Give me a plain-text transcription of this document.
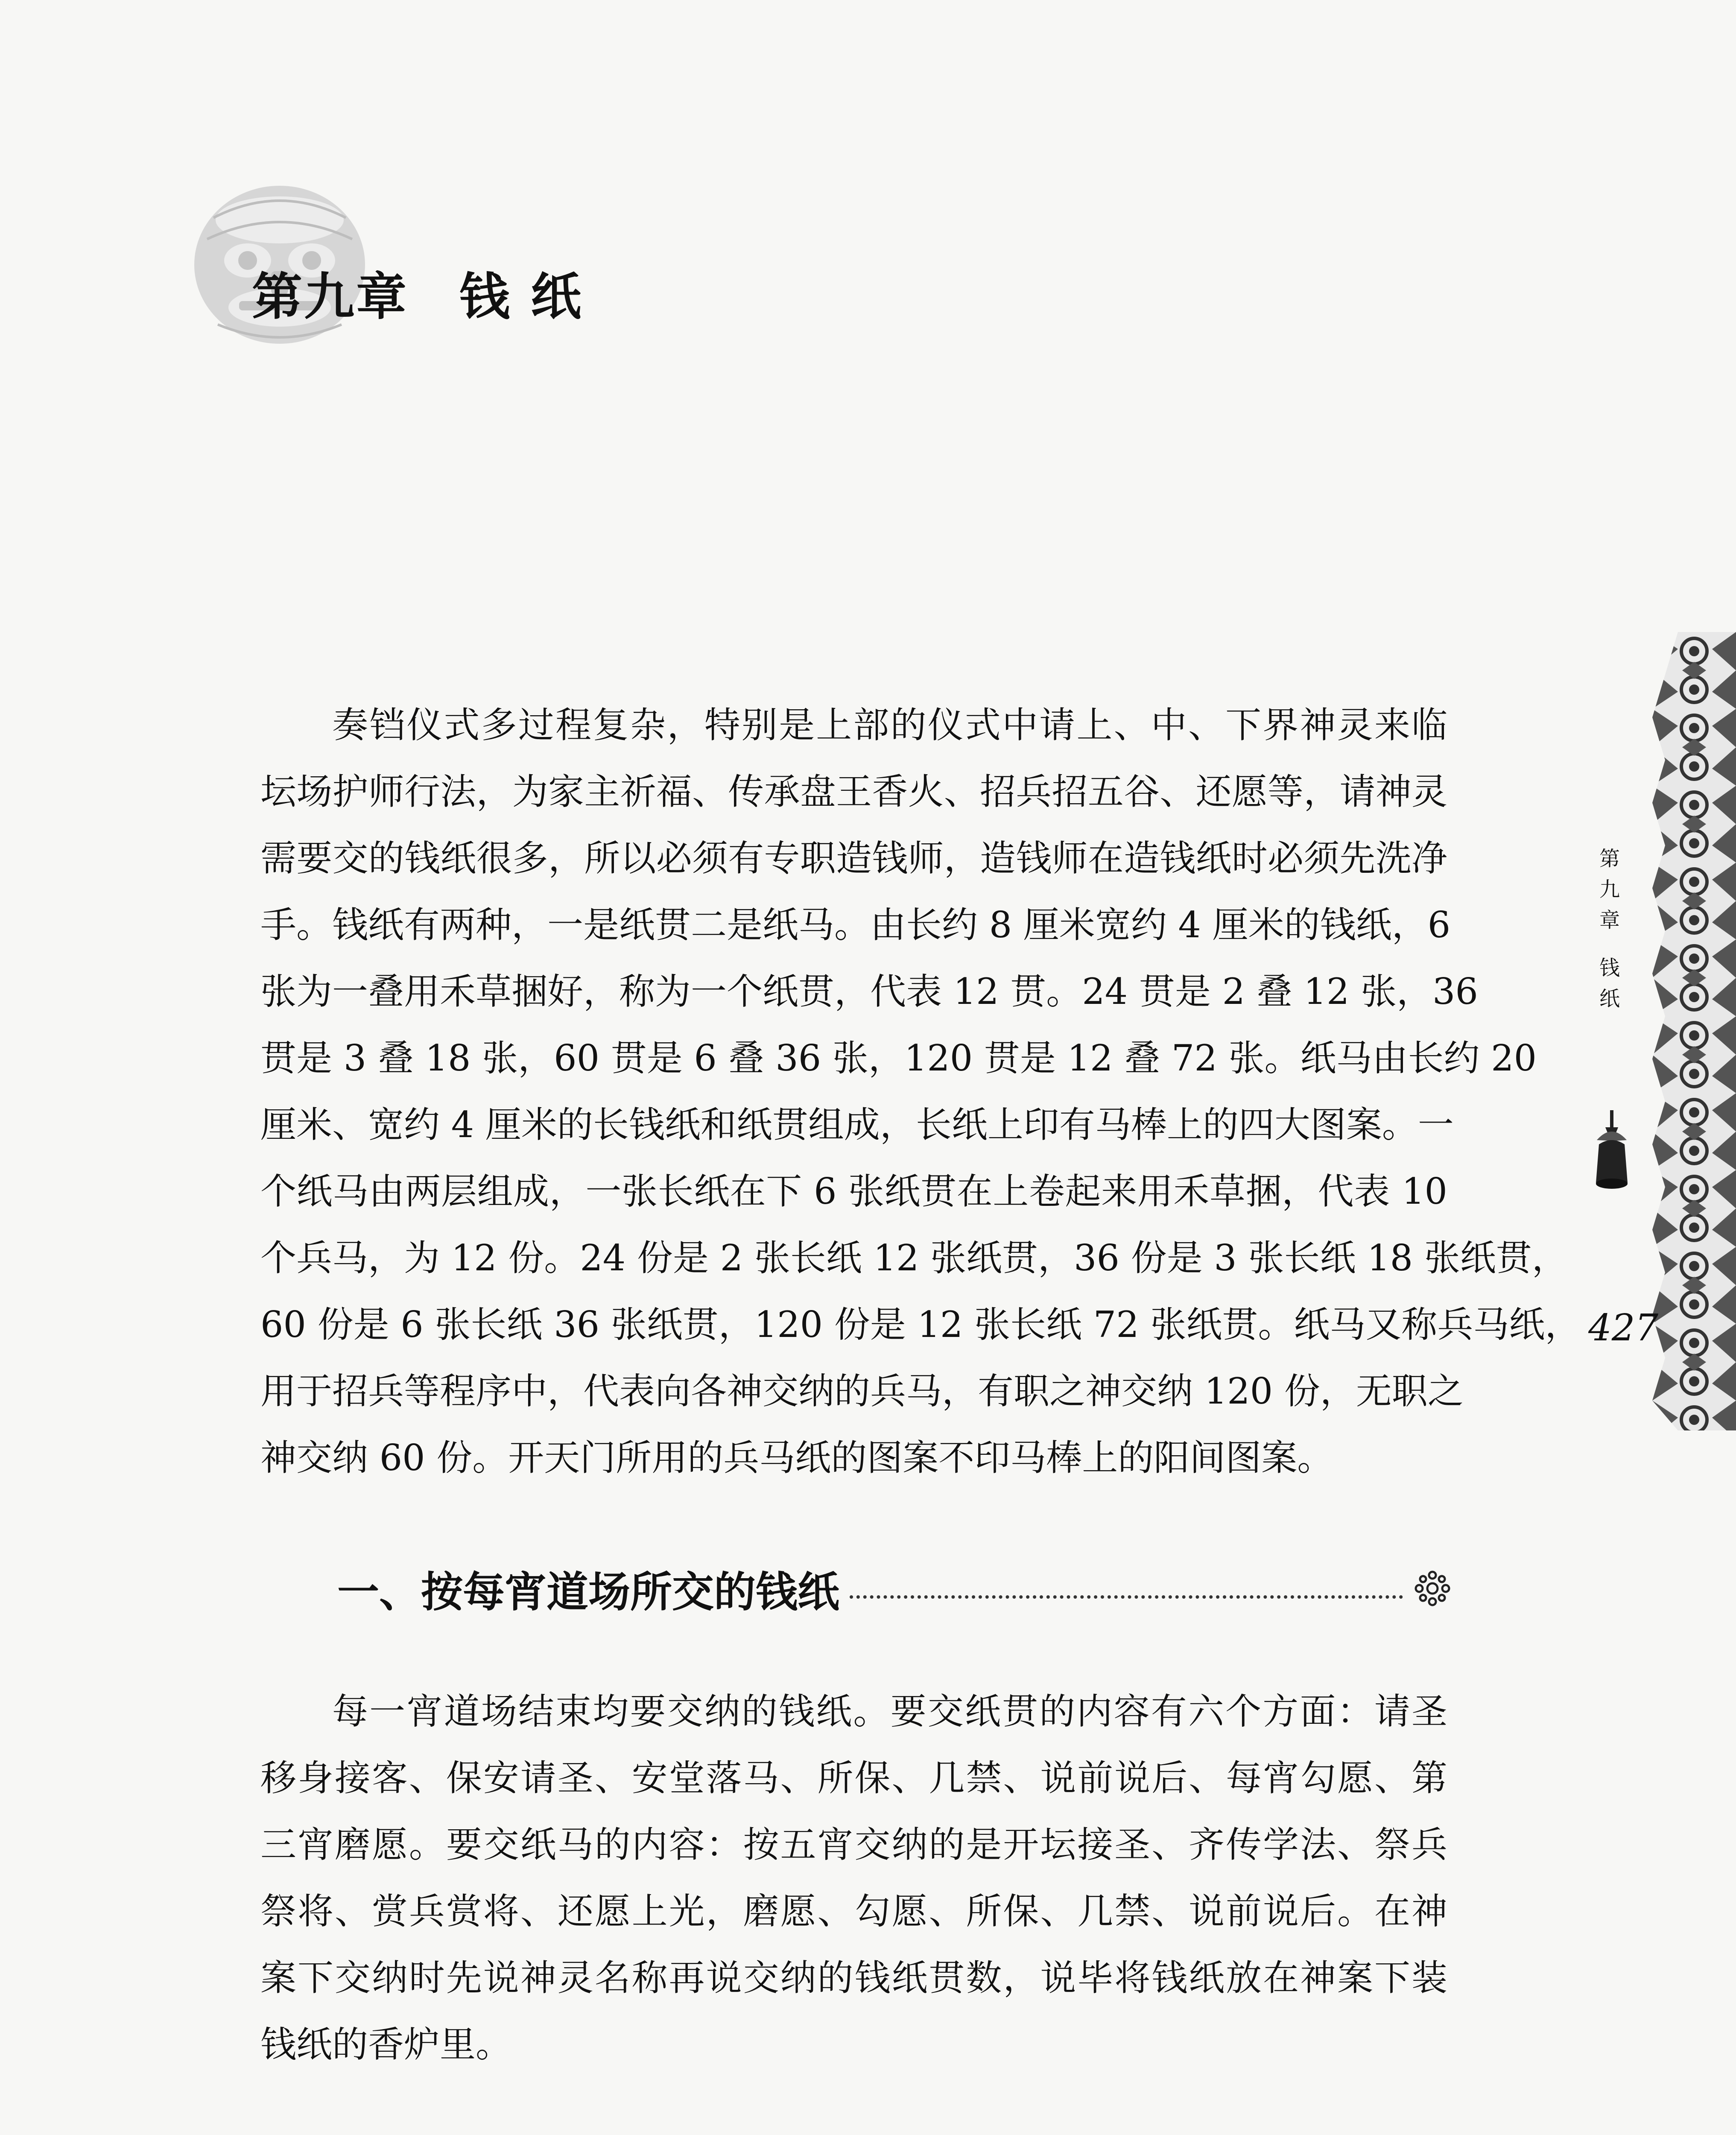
第九章 钱 纸
奏铛仪式多过程复杂，特别是上部的仪式中请上、中、下界神灵来临
坛场护师行法，为家主祈福、传承盘王香火、招兵招五谷、还愿等，请神灵
需要交的钱纸很多，所以必须有专职造钱师，造钱师在造钱纸时必须先洗净
手。钱纸有两种，一是纸贯二是纸马。由长约 8 厘米宽约 4 厘米的钱纸，6
张为一叠用禾草捆好，称为一个纸贯，代表 12 贯。24 贯是 2 叠 12 张，36
贯是 3 叠 18 张，60 贯是 6 叠 36 张，120 贯是 12 叠 72 张。纸马由长约 20
厘米、宽约 4 厘米的长钱纸和纸贯组成，长纸上印有马棒上的四大图案。一
个纸马由两层组成，一张长纸在下 6 张纸贯在上卷起来用禾草捆，代表 10
个兵马，为 12 份。24 份是 2 张长纸 12 张纸贯，36 份是 3 张长纸 18 张纸贯，
60 份是 6 张长纸 36 张纸贯，120 份是 12 张长纸 72 张纸贯。纸马又称兵马纸，
用于招兵等程序中，代表向各神交纳的兵马，有职之神交纳 120 份，无职之
神交纳 60 份。开天门所用的兵马纸的图案不印马棒上的阳间图案。
一、按每宵道场所交的钱纸
每一宵道场结束均要交纳的钱纸。要交纸贯的内容有六个方面：请圣
移身接客、保安请圣、安堂落马、所保、几禁、说前说后、每宵勾愿、第
三宵磨愿。要交纸马的内容：按五宵交纳的是开坛接圣、齐传学法、祭兵
祭将、赏兵赏将、还愿上光，磨愿、勾愿、所保、几禁、说前说后。在神
案下交纳时先说神灵名称再说交纳的钱纸贯数，说毕将钱纸放在神案下装
钱纸的香炉里。
第
九
章
钱
纸
427
